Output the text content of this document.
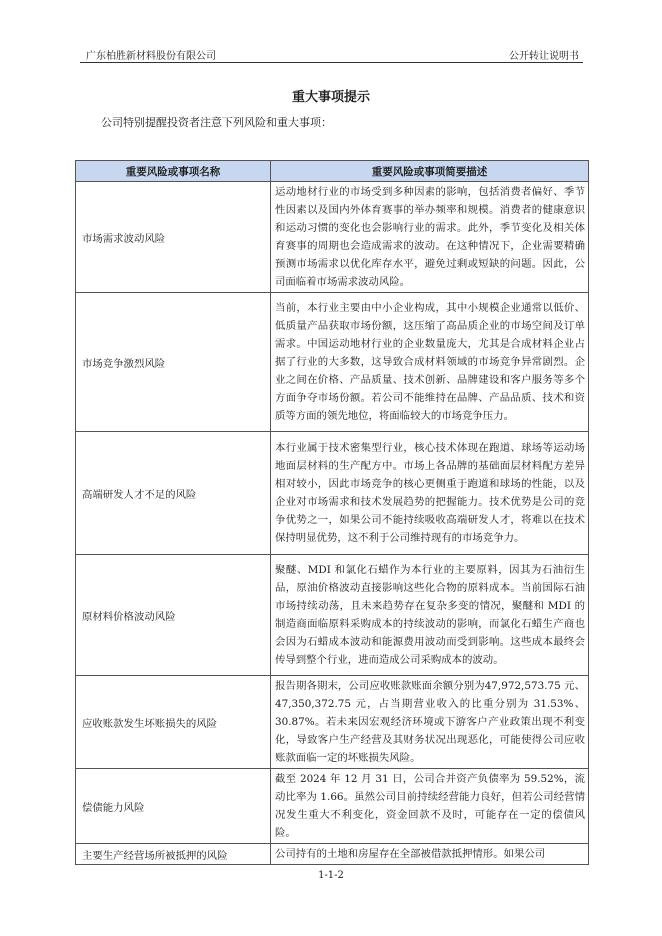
广东柏胜新材料股份有限公司	公开转让说明书
重大事项提示
公司特别提醒投资者注意下列风险和重大事项：
重要风险或事项名称	重要风险或事项简要描述
市场需求波动风险	运动地材行业的市场受到多种因素的影响，包括消费者偏好、季节性因素以及国内外体育赛事的举办频率和规模。消费者的健康意识和运动习惯的变化也会影响行业的需求。此外，季节变化及相关体育赛事的周期也会造成需求的波动。在这种情况下，企业需要精确预测市场需求以优化库存水平，避免过剩或短缺的问题。因此，公司面临着市场需求波动风险。
市场竞争激烈风险	当前，本行业主要由中小企业构成，其中小规模企业通常以低价、低质量产品获取市场份额，这压缩了高品质企业的市场空间及订单需求。中国运动地材行业的企业数量庞大，尤其是合成材料企业占据了行业的大多数，这导致合成材料领域的市场竞争异常剧烈。企业之间在价格、产品质量、技术创新、品牌建设和客户服务等多个方面争夺市场份额。若公司不能维持在品牌、产品品质、技术和资质等方面的领先地位，将面临较大的市场竞争压力。
高端研发人才不足的风险	本行业属于技术密集型行业，核心技术体现在跑道、球场等运动场地面层材料的生产配方中。市场上各品牌的基础面层材料配方差异相对较小，因此市场竞争的核心更侧重于跑道和球场的性能，以及企业对市场需求和技术发展趋势的把握能力。技术优势是公司的竞争优势之一，如果公司不能持续吸收高端研发人才，将难以在技术保持明显优势，这不利于公司维持现有的市场竞争力。
原材料价格波动风险	聚醚、MDI 和氯化石蜡作为本行业的主要原料，因其为石油衍生品，原油价格波动直接影响这些化合物的原料成本。当前国际石油市场持续动荡，且未来趋势存在复杂多变的情况，聚醚和 MDI 的制造商面临原料采购成本的持续波动的影响，而氯化石蜡生产商也会因为石蜡成本波动和能源费用波动而受到影响。这些成本最终会传导到整个行业，进而造成公司采购成本的波动。
应收账款发生坏账损失的风险	报告期各期末，公司应收账款账面余额分别为47,972,573.75 元、47,350,372.75 元，占当期营业收入的比重分别为 31.53%、30.87%。若未来因宏观经济环境或下游客户产业政策出现不利变化，导致客户生产经营及其财务状况出现恶化，可能使得公司应收账款面临一定的坏账损失风险。
偿债能力风险	截至 2024 年 12 月 31 日，公司合并资产负债率为 59.52%，流动比率为 1.66。虽然公司目前持续经营能力良好，但若公司经营情况发生重大不利变化，资金回款不及时，可能存在一定的偿债风险。
主要生产经营场所被抵押的风险	公司持有的土地和房屋存在全部被借款抵押情形。如果公司
1-1-2
